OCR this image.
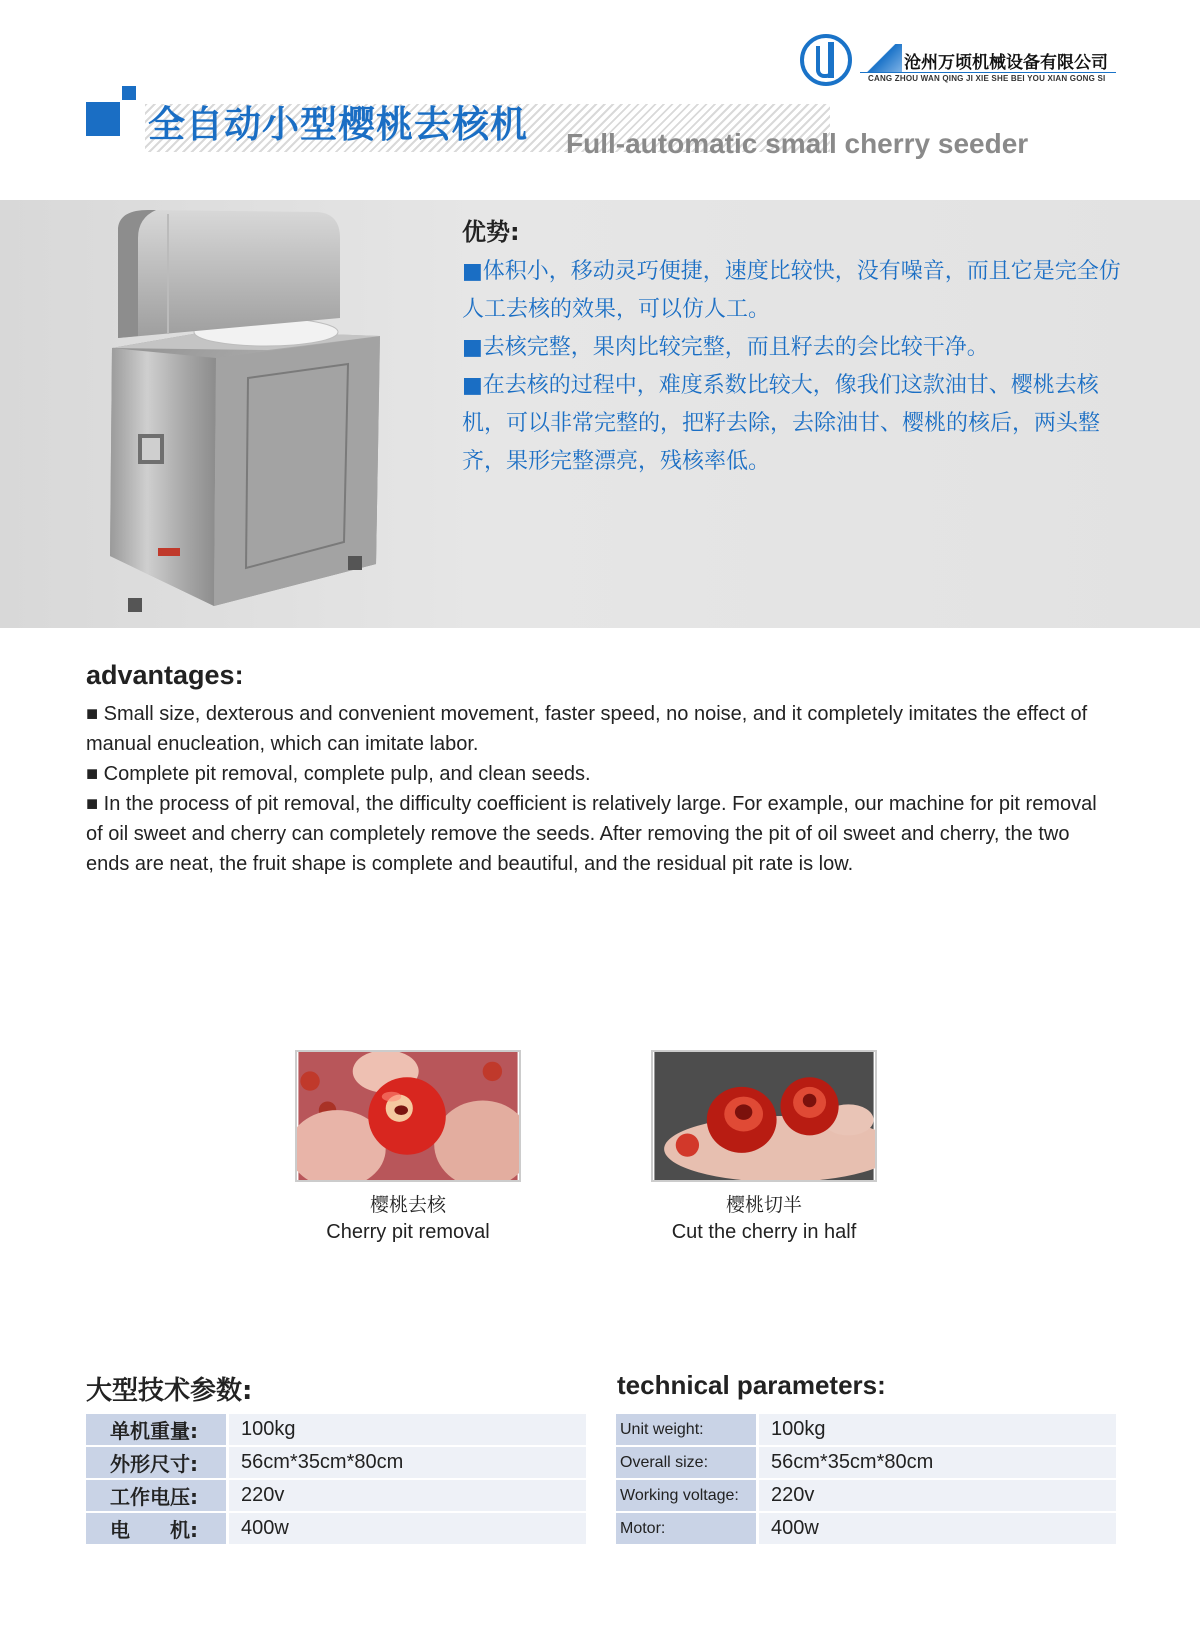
沧州万顷机械设备有限公司
CANG ZHOU WAN QING JI XIE SHE BEI YOU XIAN GONG SI
全自动小型樱桃去核机 Full-automatic small cherry seeder
优势:

■体积小，移动灵巧便捷，速度比较快，没有噪音，而且它是完全仿人工去核的效果，可以仿人工。

■去核完整，果肉比较完整，而且籽去的会比较干净。

■在去核的过程中，难度系数比较大，像我们这款油甘、樱桃去核机，可以非常完整的，把籽去除，去除油甘、樱桃的核后，两头整齐，果形完整漂亮，残核率低。

advantages:

■ Small size, dexterous and convenient movement, faster speed, no noise, and it completely imitates the effect of manual enucleation, which can imitate labor.

■ Complete pit removal, complete pulp, and clean seeds.

■ In the process of pit removal, the difficulty coefficient is relatively large. For example, our machine for pit removal of oil sweet and cherry can completely remove the seeds. After removing the pit of oil sweet and cherry, the two ends are neat, the fruit shape is complete and beautiful, and the residual pit rate is low.

樱桃去核
Cherry pit removal
樱桃切半
Cut the cherry in half
大型技术参数:	technical parameters:
单机重量:	100kg
外形尺寸:	56cm*35cm*80cm
工作电压:	220v
电　　机:	400w
Unit weight:	100kg
Overall size:	56cm*35cm*80cm
Working voltage:	220v
Motor:	400w
